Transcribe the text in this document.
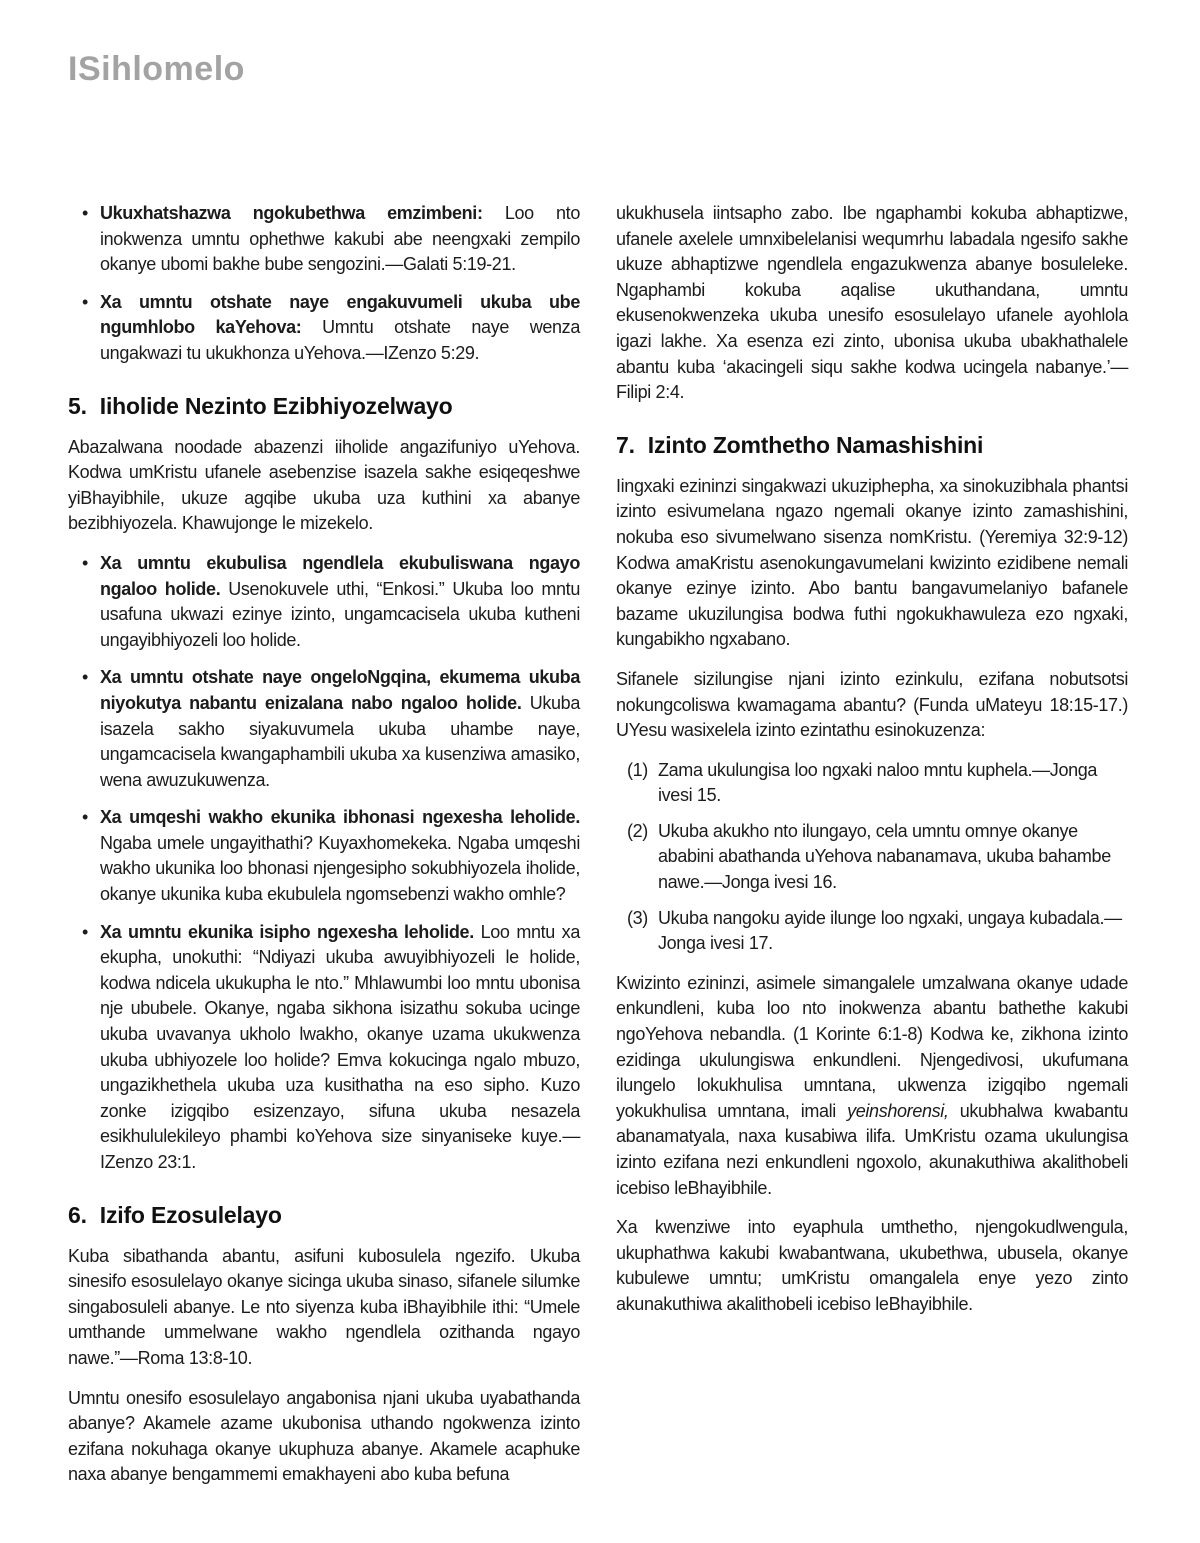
ISihlomelo
• Ukuxhatshazwa ngokubethwa emzimbeni: Loo nto inokwenza umntu ophethwe kakubi abe neengxaki zempilo okanye ubomi bakhe bube sengozini.—Galati 5:19-21.
• Xa umntu otshate naye engakuvumeli ukuba ube ngumhlobo kaYehova: Umntu otshate naye wenza ungakwazi tu ukukhonza uYehova.—IZenzo 5:29.
5. Iiholide Nezinto Ezibhiyozelwayo

Abazalwana noodade abazenzi iiholide angazifuniyo uYehova. Kodwa umKristu ufanele asebenzise isazela sakhe esiqeqeshwe yiBhayibhile, ukuze agqibe ukuba uza kuthini xa abanye bezibhiyozela. Khawujonge le mizekelo.

• Xa umntu ekubulisa ngendlela ekubuliswana ngayo ngaloo holide. Usenokuvele uthi, “Enkosi.” Ukuba loo mntu usafuna ukwazi ezinye izinto, ungamcacisela ukuba kutheni ungayibhiyozeli loo holide.
• Xa umntu otshate naye ongeloNgqina, ekumema ukuba niyokutya nabantu enizalana nabo ngaloo holide. Ukuba isazela sakho siyakuvumela ukuba uhambe naye, ungamcacisela kwangaphambili ukuba xa kusenziwa amasiko, wena awuzukuwenza.
• Xa umqeshi wakho ekunika ibhonasi ngexesha leholide. Ngaba umele ungayithathi? Kuyaxhomekeka. Ngaba umqeshi wakho ukunika loo bhonasi njengesipho sokubhiyozela iholide, okanye ukunika kuba ekubulela ngomsebenzi wakho omhle?
• Xa umntu ekunika isipho ngexesha leholide. Loo mntu xa ekupha, unokuthi: “Ndiyazi ukuba awuyibhiyozeli le holide, kodwa ndicela ukukupha le nto.” Mhlawumbi loo mntu ubonisa nje ububele. Okanye, ngaba sikhona isizathu sokuba ucinge ukuba uvavanya ukholo lwakho, okanye uzama ukukwenza ukuba ubhiyozele loo holide? Emva kokucinga ngalo mbuzo, ungazikhethela ukuba uza kusithatha na eso sipho. Kuzo zonke izigqibo esizenzayo, sifuna ukuba nesazela esikhululekileyo phambi koYehova size sinyaniseke kuye.—IZenzo 23:1.
6. Izifo Ezosulelayo

Kuba sibathanda abantu, asifuni kubosulela ngezifo. Ukuba sinesifo esosulelayo okanye sicinga ukuba sinaso, sifanele silumke singabosuleli abanye. Le nto siyenza kuba iBhayibhile ithi: “Umele umthande ummelwane wakho ngendlela ozithanda ngayo nawe.”—Roma 13:8-10.

Umntu onesifo esosulelayo angabonisa njani ukuba uyabathanda abanye? Akamele azame ukubonisa uthando ngokwenza izinto ezifana nokuhaga okanye ukuphuza abanye. Akamele acaphuke naxa abanye bengammemi emakhayeni abo kuba befuna

ukukhusela iintsapho zabo. Ibe ngaphambi kokuba abhaptizwe, ufanele axelele umnxibelelanisi wequmrhu labadala ngesifo sakhe ukuze abhaptizwe ngendlela engazukwenza abanye bosuleleke. Ngaphambi kokuba aqalise ukuthandana, umntu ekusenokwenzeka ukuba unesifo esosulelayo ufanele ayohlola igazi lakhe. Xa esenza ezi zinto, ubonisa ukuba ubakhathalele abantu kuba ‘akacingeli siqu sakhe kodwa ucingela nabanye.’—Filipi 2:4.

7. Izinto Zomthetho Namashishini

Iingxaki ezininzi singakwazi ukuziphepha, xa sinokuzibhala phantsi izinto esivumelana ngazo ngemali okanye izinto zamashishini, nokuba eso sivumelwano sisenza nomKristu. (Yeremiya 32:9-12) Kodwa amaKristu asenokungavumelani kwizinto ezidibene nemali okanye ezinye izinto. Abo bantu bangavumelaniyo bafanele bazame ukuzilungisa bodwa futhi ngokukhawuleza ezo ngxaki, kungabikho ngxabano.

Sifanele sizilungise njani izinto ezinkulu, ezifana nobutsotsi nokungcoliswa kwamagama abantu? (Funda uMateyu 18:15-17.) UYesu wasixelela izinto ezintathu esinokuzenza:

(1) Zama ukulungisa loo ngxaki naloo mntu kuphela.—Jonga ivesi 15.
(2) Ukuba akukho nto ilungayo, cela umntu omnye okanye ababini abathanda uYehova nabanamava, ukuba bahambe nawe.—Jonga ivesi 16.
(3) Ukuba nangoku ayide ilunge loo ngxaki, ungaya kubadala.—Jonga ivesi 17.

Kwizinto ezininzi, asimele simangalele umzalwana okanye udade enkundleni, kuba loo nto inokwenza abantu bathethe kakubi ngoYehova nebandla. (1 Korinte 6:1-8) Kodwa ke, zikhona izinto ezidinga ukulungiswa enkundleni. Njengedivosi, ukufumana ilungelo lokukhulisa umntana, ukwenza izigqibo ngemali yokukhulisa umntana, imali yeinshorensi, ukubhalwa kwabantu abanamatyala, naxa kusabiwa ilifa. UmKristu ozama ukulungisa izinto ezifana nezi enkundleni ngoxolo, akunakuthiwa akalithobeli icebiso leBhayibhile.

Xa kwenziwe into eyaphula umthetho, njengokudlwengula, ukuphathwa kakubi kwabantwana, ukubethwa, ubusela, okanye kubulewe umntu; umKristu omangalela enye yezo zinto akunakuthiwa akalithobeli icebiso leBhayibhile.
